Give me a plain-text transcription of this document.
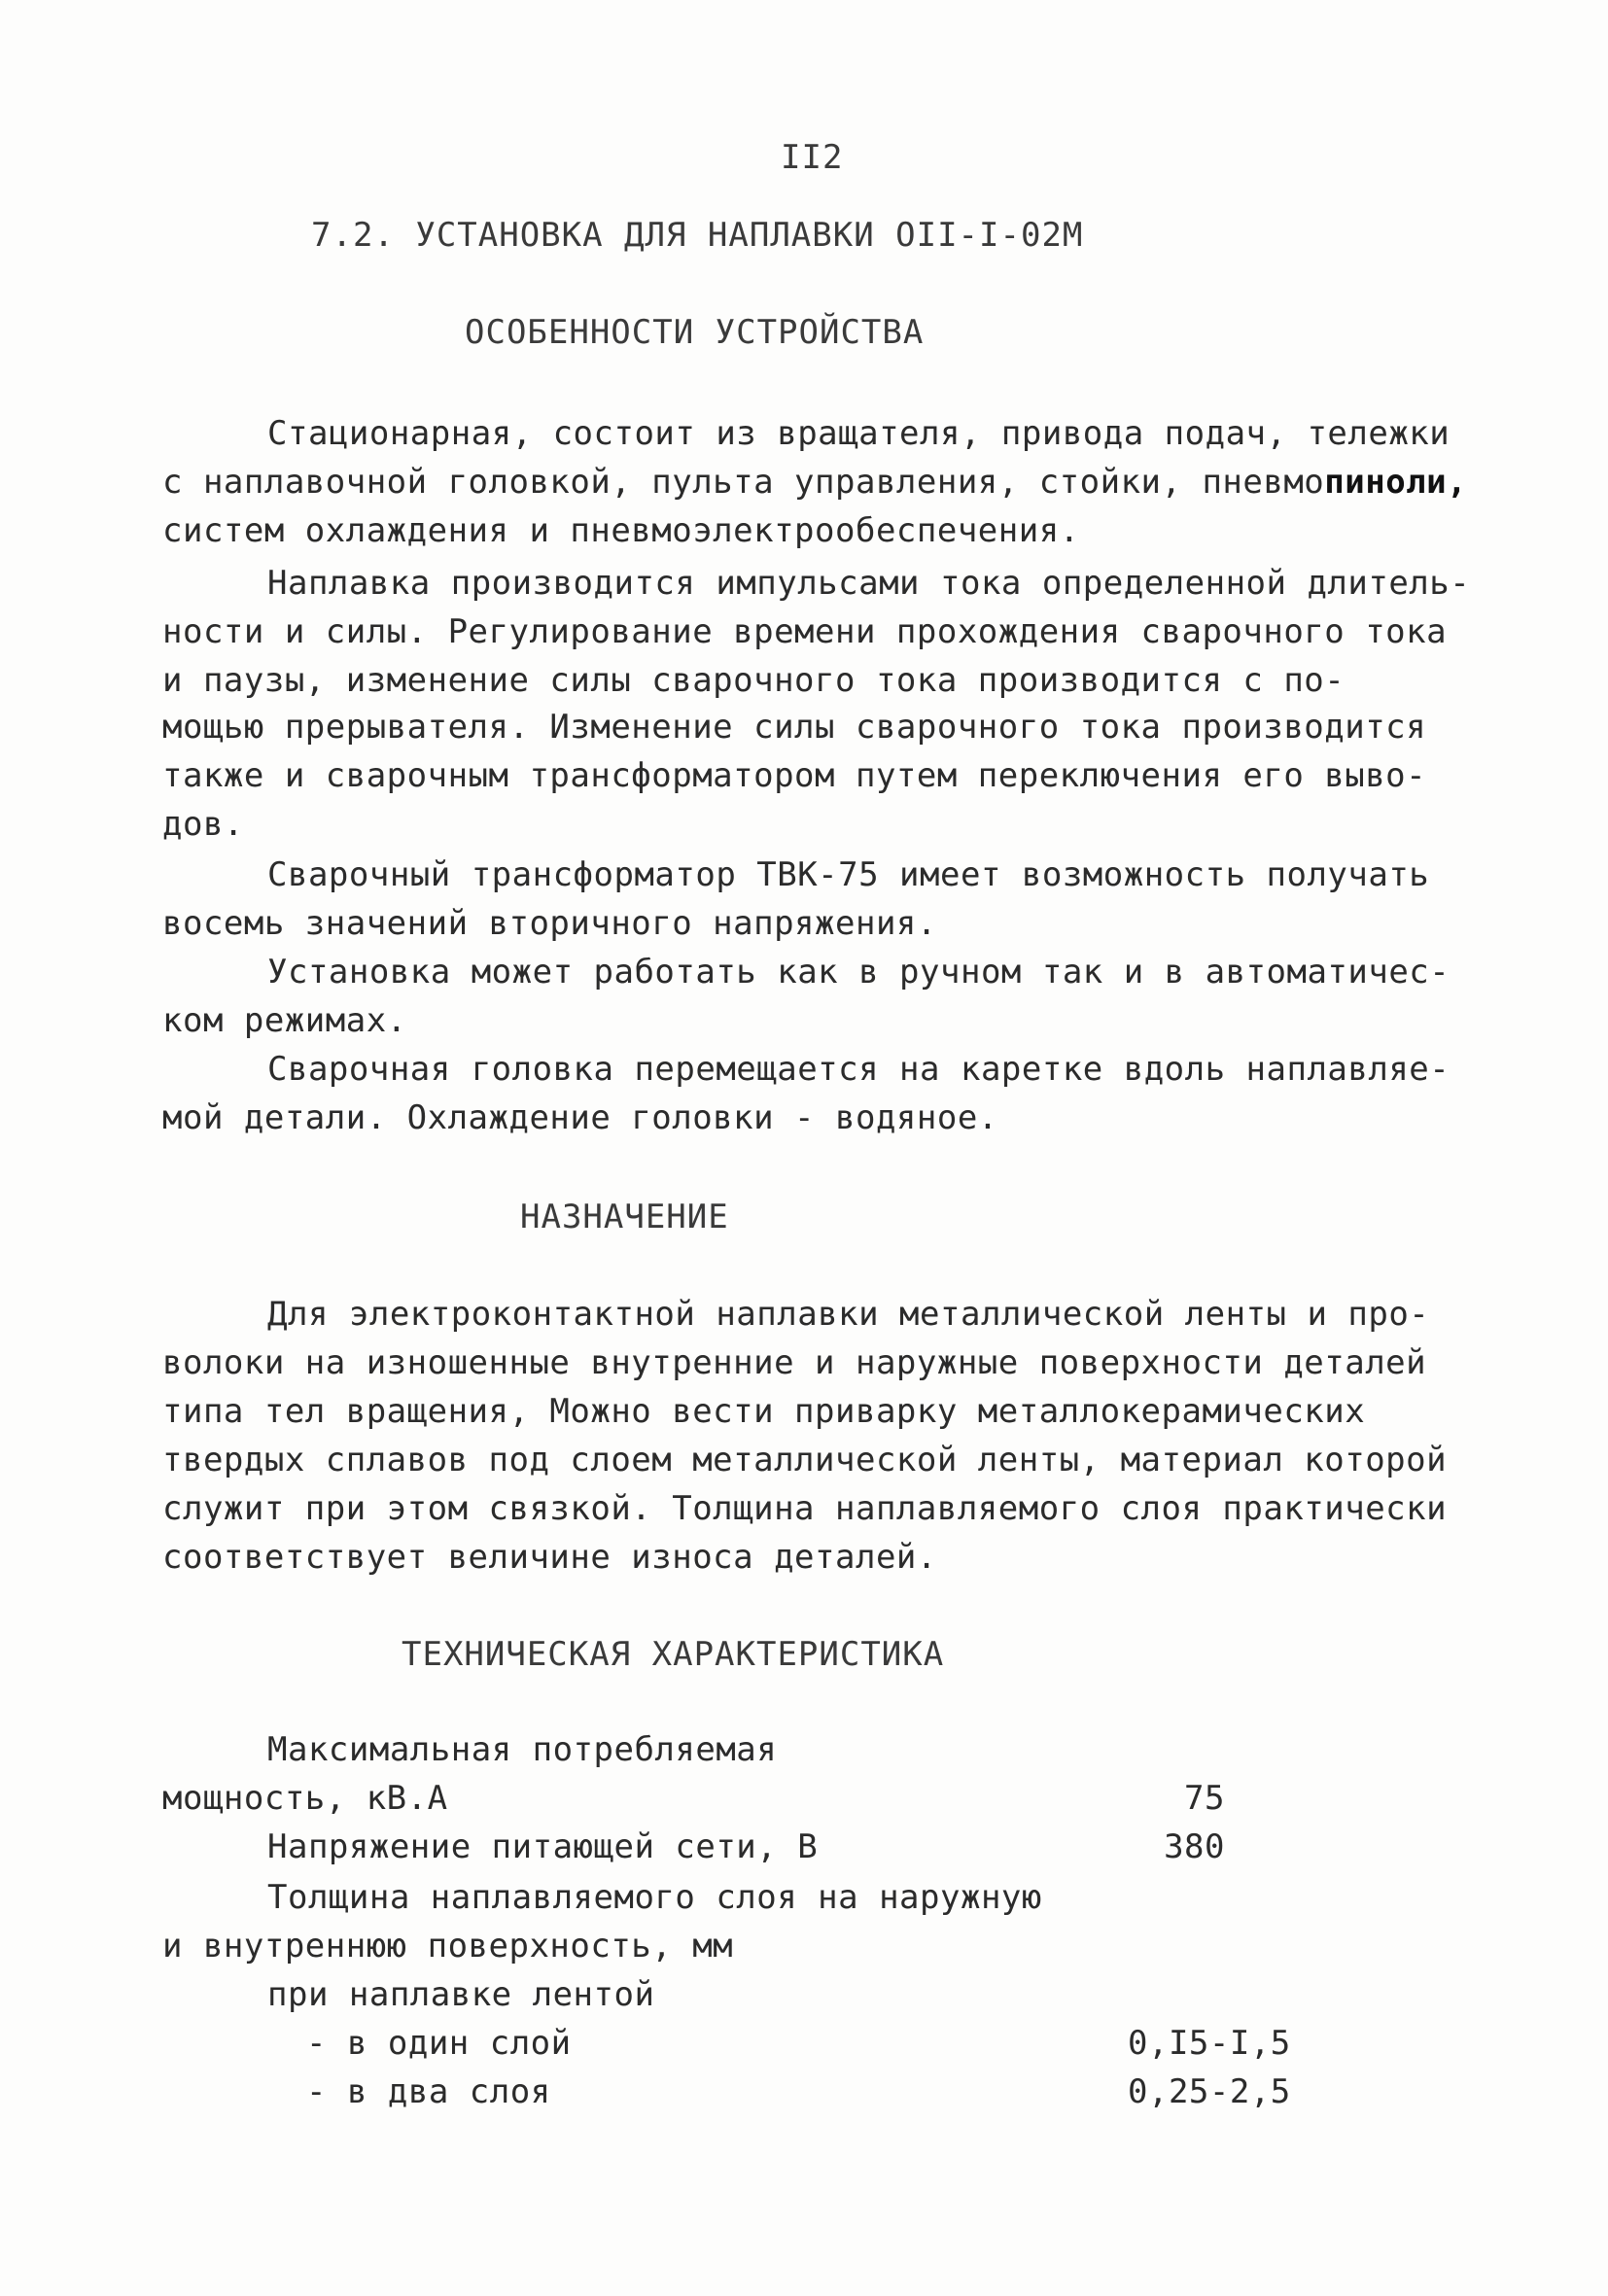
II2
7.2. УСТАНОВКА ДЛЯ НАПЛАВКИ ОII-I-02М
ОСОБЕННОСТИ УСТРОЙСТВА
Стационарная, состоит из вращателя, привода подач, тележки
с наплавочной головкой, пульта управления, стойки, пневмопиноли,
систем охлаждения и пневмоэлектрообеспечения.
Наплавка производится импульсами тока определенной длитель-
ности и силы. Регулирование времени прохождения сварочного тока
и паузы, изменение силы сварочного тока производится с по-
мощью прерывателя. Изменение силы сварочного тока производится
также и сварочным трансформатором путем переключения его выво-
дов.
Сварочный трансформатор ТВК-75 имеет возможность получать
восемь значений вторичного напряжения.
Установка может работать как в ручном так и в автоматичес-
ком режимах.
Сварочная головка перемещается на каретке вдоль наплавляе-
мой детали. Охлаждение головки - водяное.
НАЗНАЧЕНИЕ
Для электроконтактной наплавки металлической ленты и про-
волоки на изношенные внутренние и наружные поверхности деталей
типа тел вращения, Можно вести приварку металлокерамических
твердых сплавов под слоем металлической ленты, материал которой
служит при этом связкой. Толщина наплавляемого слоя практически
соответствует величине износа деталей.
ТЕХНИЧЕСКАЯ ХАРАКТЕРИСТИКА
Максимальная потребляемая
мощность, кВ.А	75
Напряжение питающей сети, В	380
Толщина наплавляемого слоя на наружную
и внутреннюю поверхность, мм
при наплавке лентой
- в один слой	0,I5-I,5
- в два слоя	0,25-2,5
